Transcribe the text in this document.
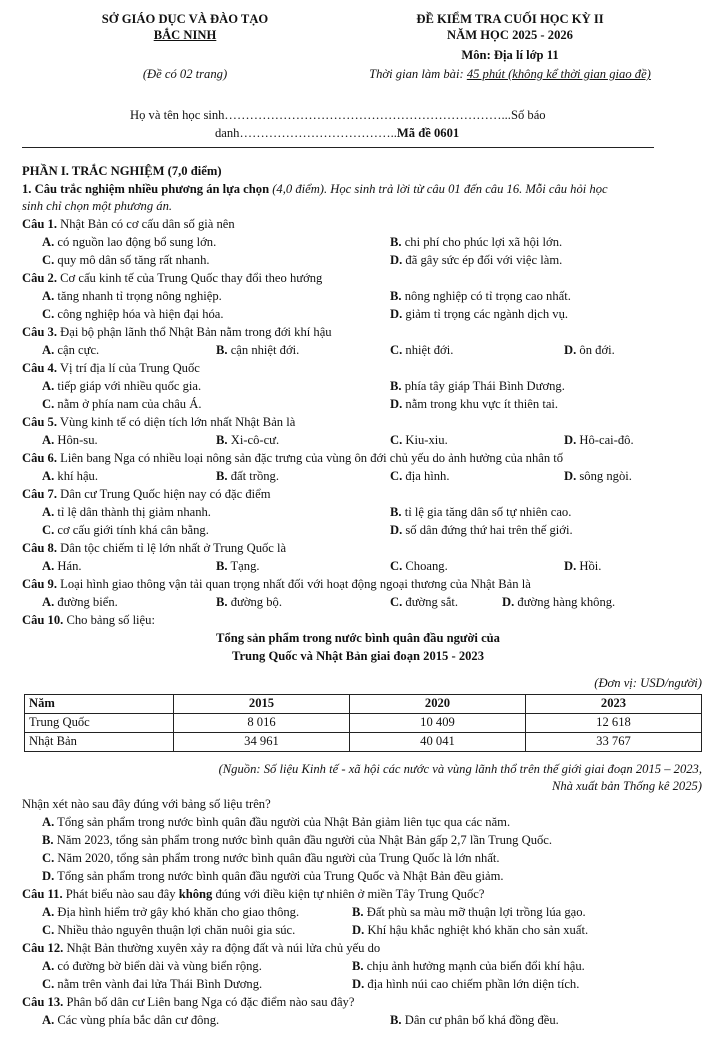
SỞ GIÁO DỤC VÀ ĐÀO TẠO
BẮC NINH
(Đề có 02 trang)
ĐỀ KIỂM TRA CUỐI HỌC KỲ II
NĂM HỌC 2025 - 2026
Môn: Địa lí lớp 11
Thời gian làm bài: 45 phút (không kể thời gian giao đề)
Họ và tên học sinh…………………………………………………………...Số báo
danh………………………………..Mã đề 0601
PHẦN I. TRẮC NGHIỆM (7,0 điểm)
1. Câu trắc nghiệm nhiều phương án lựa chọn (4,0 điểm). Học sinh trả lời từ câu 01 đến câu 16. Mỗi câu hỏi học
sinh chỉ chọn một phương án.
Câu 1. Nhật Bản có cơ cấu dân số già nên
A. có nguồn lao động bổ sung lớn.	B. chi phí cho phúc lợi xã hội lớn.
C. quy mô dân số tăng rất nhanh.	D. đã gây sức ép đối với việc làm.
Câu 2. Cơ cấu kinh tế của Trung Quốc thay đổi theo hướng
A. tăng nhanh tỉ trọng nông nghiệp.	B. nông nghiệp có tỉ trọng cao nhất.
C. công nghiệp hóa và hiện đại hóa.	D. giảm tỉ trọng các ngành dịch vụ.
Câu 3. Đại bộ phận lãnh thổ Nhật Bản nằm trong đới khí hậu
A. cận cực.	B. cận nhiệt đới.	C. nhiệt đới.	D. ôn đới.
Câu 4. Vị trí địa lí của Trung Quốc
A. tiếp giáp với nhiều quốc gia.	B. phía tây giáp Thái Bình Dương.
C. nằm ở phía nam của châu Á.	D. nằm trong khu vực ít thiên tai.
Câu 5. Vùng kinh tế có diện tích lớn nhất Nhật Bản là
A. Hôn-su.	B. Xi-cô-cư.	C. Kiu-xiu.	D. Hô-cai-đô.
Câu 6. Liên bang Nga có nhiều loại nông sản đặc trưng của vùng ôn đới chủ yếu do ảnh hưởng của nhân tố
A. khí hậu.	B. đất trồng.	C. địa hình.	D. sông ngòi.
Câu 7. Dân cư Trung Quốc hiện nay có đặc điểm
A. tỉ lệ dân thành thị giảm nhanh.	B. tỉ lệ gia tăng dân số tự nhiên cao.
C. cơ cấu giới tính khá cân bằng.	D. số dân đứng thứ hai trên thế giới.
Câu 8. Dân tộc chiếm tỉ lệ lớn nhất ở Trung Quốc là
A. Hán.	B. Tạng.	C. Choang.	D. Hồi.
Câu 9. Loại hình giao thông vận tải quan trọng nhất đối với hoạt động ngoại thương của Nhật Bản là
A. đường biển.	B. đường bộ.	C. đường sắt.	D. đường hàng không.
Câu 10. Cho bảng số liệu:
Tổng sản phẩm trong nước bình quân đầu người của
Trung Quốc và Nhật Bản giai đoạn 2015 - 2023
(Đơn vị: USD/người)
Năm	2015	2020	2023
Trung Quốc	8 016	10 409	12 618
Nhật Bản	34 961	40 041	33 767
(Nguồn: Số liệu Kinh tế - xã hội các nước và vùng lãnh thổ trên thế giới giai đoạn 2015 – 2023,
Nhà xuất bản Thống kê 2025)
Nhận xét nào sau đây đúng với bảng số liệu trên?
A. Tổng sản phẩm trong nước bình quân đầu người của Nhật Bản giảm liên tục qua các năm.
B. Năm 2023, tổng sản phẩm trong nước bình quân đầu người của Nhật Bản gấp 2,7 lần Trung Quốc.
C. Năm 2020, tổng sản phẩm trong nước bình quân đầu người của Trung Quốc là lớn nhất.
D. Tổng sản phẩm trong nước bình quân đầu người của Trung Quốc và Nhật Bản đều giảm.
Câu 11. Phát biểu nào sau đây không đúng với điều kiện tự nhiên ở miền Tây Trung Quốc?
A. Địa hình hiểm trở gây khó khăn cho giao thông.	B. Đất phù sa màu mỡ thuận lợi trồng lúa gạo.
C. Nhiều thảo nguyên thuận lợi chăn nuôi gia súc.	D. Khí hậu khắc nghiệt khó khăn cho sản xuất.
Câu 12. Nhật Bản thường xuyên xảy ra động đất và núi lửa chủ yếu do
A. có đường bờ biển dài và vùng biển rộng.	B. chịu ảnh hưởng mạnh của biến đổi khí hậu.
C. nằm trên vành đai lửa Thái Bình Dương.	D. địa hình núi cao chiếm phần lớn diện tích.
Câu 13. Phân bố dân cư Liên bang Nga có đặc điểm nào sau đây?
A. Các vùng phía bắc dân cư đông.	B. Dân cư phân bố khá đồng đều.
